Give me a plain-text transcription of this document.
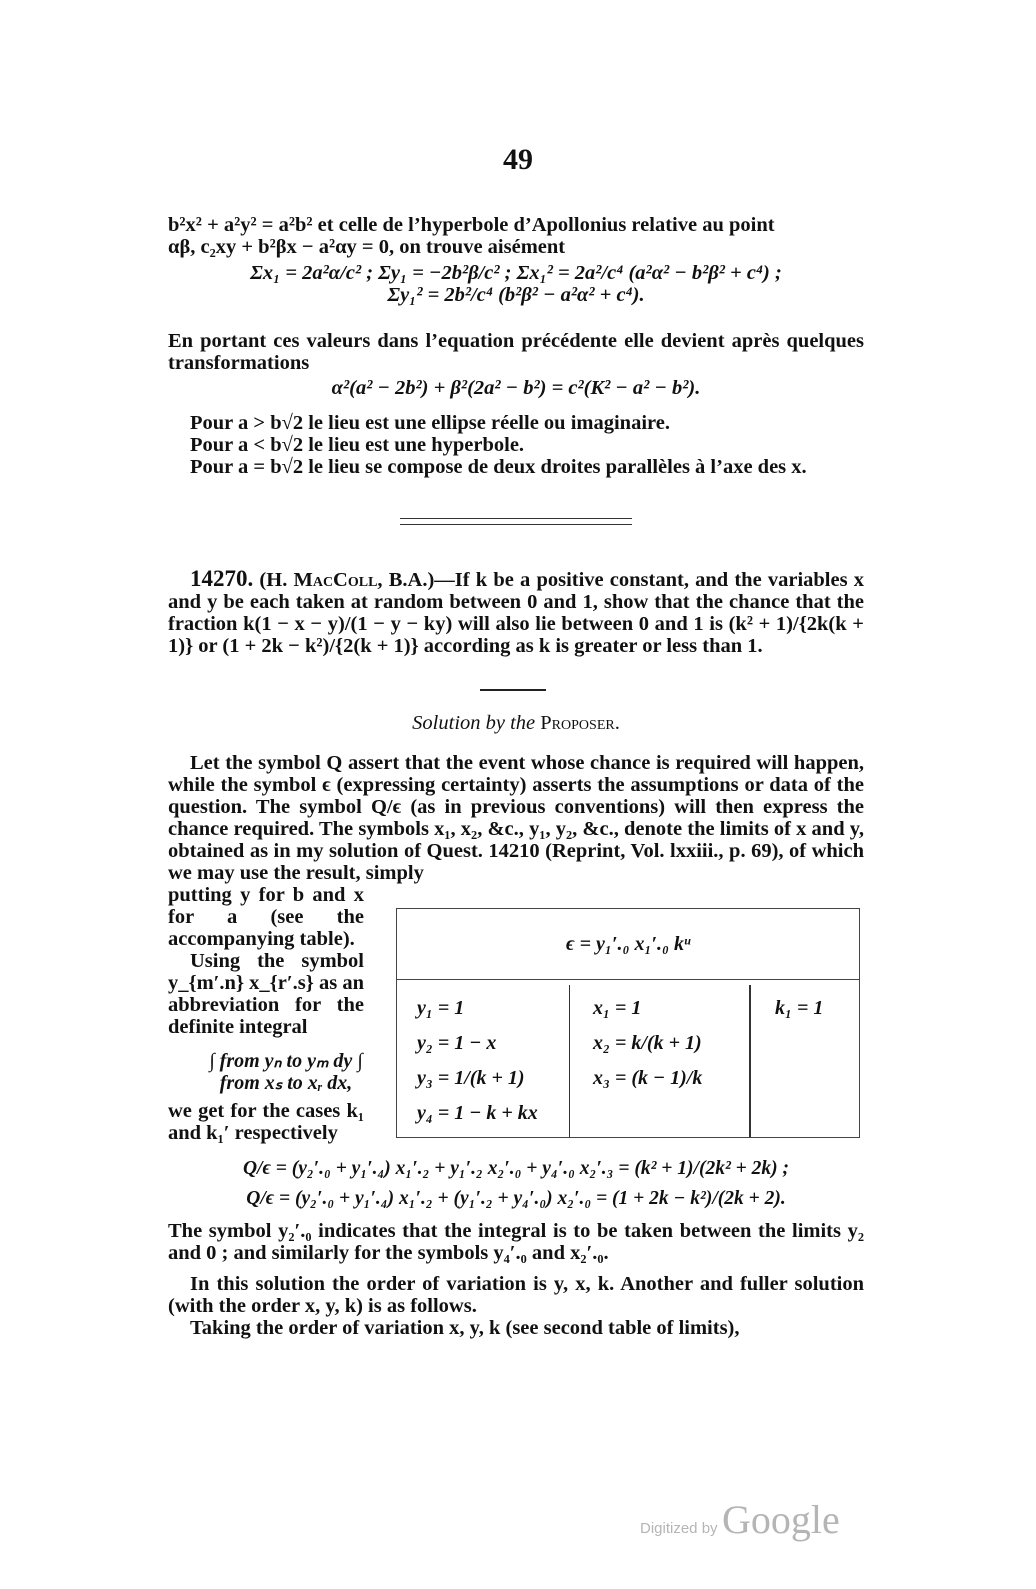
49
b²x² + a²y² = a²b² et celle de l’hyperbole d’Apollonius relative au point
αβ, c₂xy + b²βx − a²αy = 0, on trouve aisément
Σx₁ = 2a²α/c² ; Σy₁ = −2b²β/c² ; Σx₁² = 2a²/c⁴ (a²α² − b²β² + c⁴) ;
Σy₁² = 2b²/c⁴ (b²β² − a²α² + c⁴).
En portant ces valeurs dans l’equation précédente elle devient après quelques transformations
α²(a² − 2b²) + β²(2a² − b²) = c²(K² − a² − b²).
Pour a > b√2 le lieu est une ellipse réelle ou imaginaire.
Pour a < b√2 le lieu est une hyperbole.
Pour a = b√2 le lieu se compose de deux droites parallèles à l’axe des x.
14270. (H. MacColl, B.A.)—If k be a positive constant, and the variables x and y be each taken at random between 0 and 1, show that the chance that the fraction k(1 − x − y)/(1 − y − ky) will also lie between 0 and 1 is (k² + 1)/{2k(k + 1)} or (1 + 2k − k²)/{2(k + 1)} according as k is greater or less than 1.
Solution by the Proposer.
Let the symbol Q assert that the event whose chance is required will happen, while the symbol ϵ (expressing certainty) asserts the assumptions or data of the question. The symbol Q/ϵ (as in previous conventions) will then express the chance required. The symbols x₁, x₂, &c., y₁, y₂, &c., denote the limits of x and y, obtained as in my solution of Quest. 14210 (Reprint, Vol. lxxiii., p. 69), of which we may use the result, simply
putting y for b and x for a (see the accompanying table).
Using the symbol y_{m′.n} x_{r′.s} as an abbreviation for the definite integral
∫ from yₙ to yₘ dy ∫ from xₛ to xᵣ dx,
we get for the cases k₁ and k₁′ respectively
ϵ = y₁′.₀ x₁′.₀ kᵘ
y₁ = 1
y₂ = 1 − x
y₃ = 1/(k + 1)
y₄ = 1 − k + kx
x₁ = 1
x₂ = k/(k + 1)
x₃ = (k − 1)/k
k₁ = 1
Q/ϵ = (y₂′.₀ + y₁′.₄) x₁′.₂ + y₁′.₂ x₂′.₀ + y₄′.₀ x₂′.₃ = (k² + 1)/(2k² + 2k) ;
Q/ϵ = (y₂′.₀ + y₁′.₄) x₁′.₂ + (y₁′.₂ + y₄′.₀) x₂′.₀ = (1 + 2k − k²)/(2k + 2).
The symbol y₂′.₀ indicates that the integral is to be taken between the limits y₂ and 0 ; and similarly for the symbols y₄′.₀ and x₂′.₀.
In this solution the order of variation is y, x, k. Another and fuller solution (with the order x, y, k) is as follows.
Taking the order of variation x, y, k (see second table of limits),
Digitized by Google
